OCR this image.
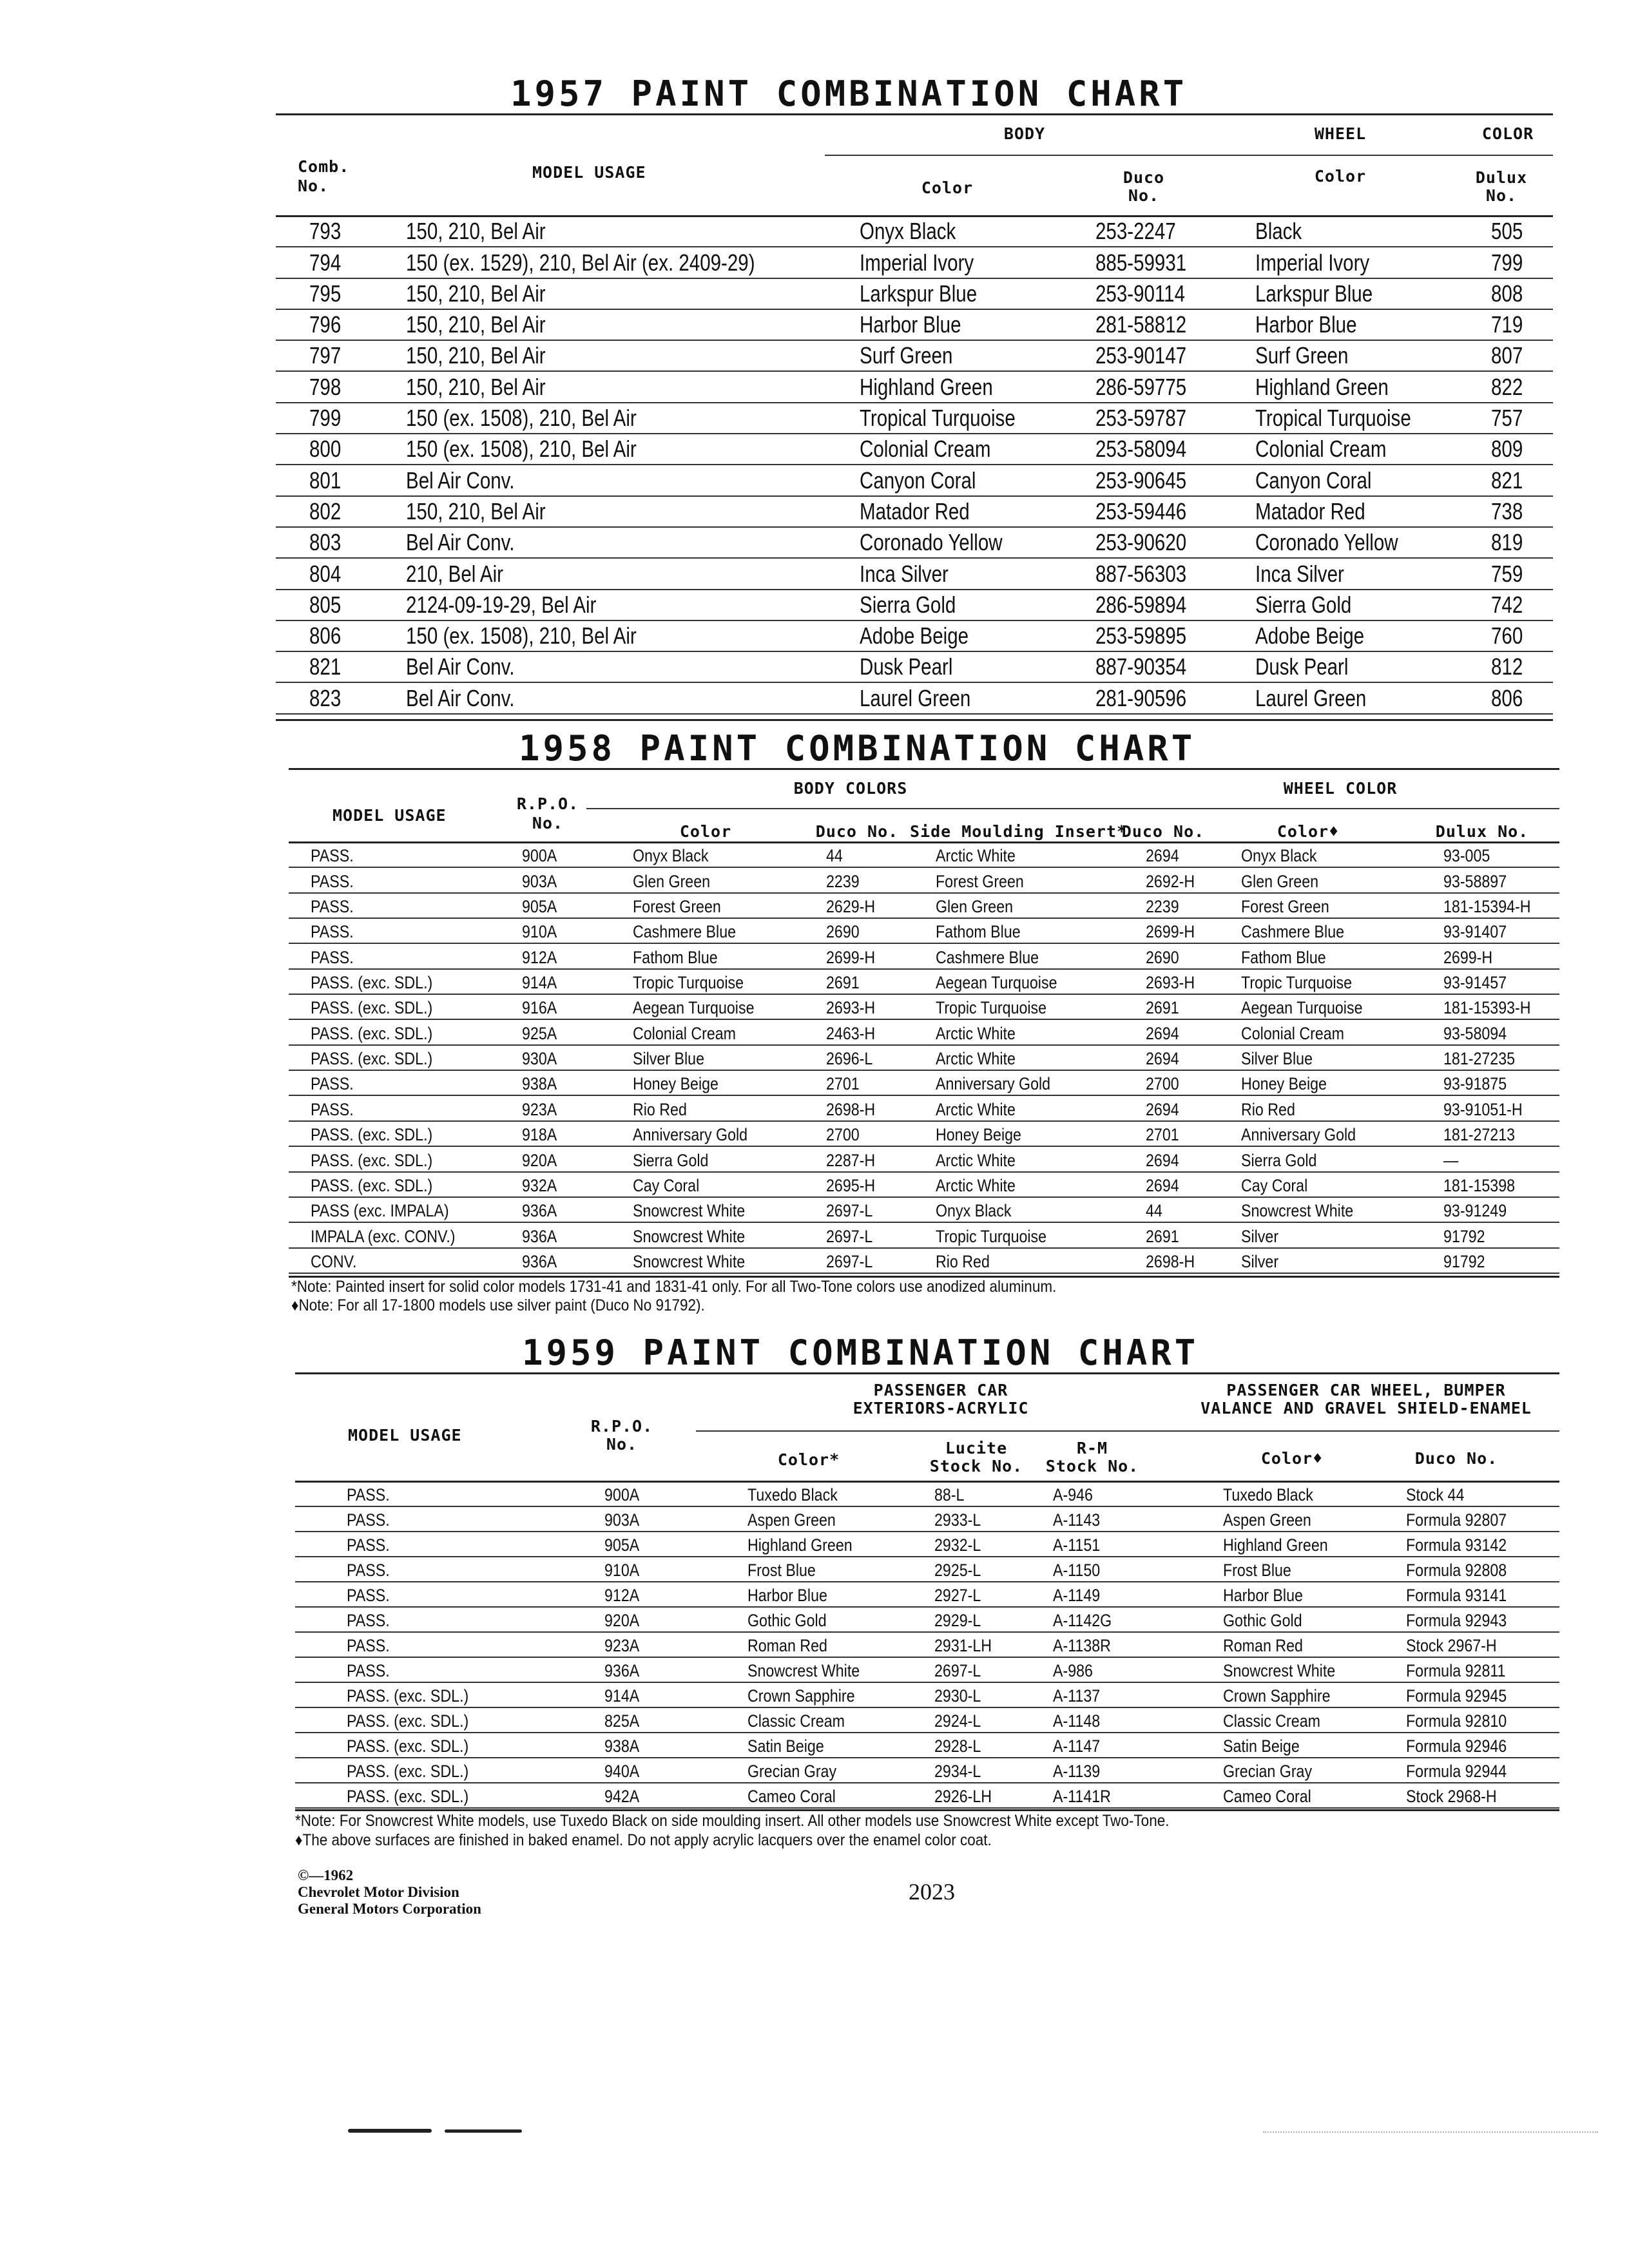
1957 PAINT COMBINATION CHART
BODY	WHEEL	COLOR
Comb.
No.
MODEL USAGE
Color
Duco
No.
Color	Dulux
No.
793	150, 210, Bel Air	Onyx Black	253-2247	Black	505
794	150 (ex. 1529), 210, Bel Air (ex. 2409-29)	Imperial Ivory	885-59931	Imperial Ivory	799
795	150, 210, Bel Air	Larkspur Blue	253-90114	Larkspur Blue	808
796	150, 210, Bel Air	Harbor Blue	281-58812	Harbor Blue	719
797	150, 210, Bel Air	Surf Green	253-90147	Surf Green	807
798	150, 210, Bel Air	Highland Green	286-59775	Highland Green	822
799	150 (ex. 1508), 210, Bel Air	Tropical Turquoise	253-59787	Tropical Turquoise	757
800	150 (ex. 1508), 210, Bel Air	Colonial Cream	253-58094	Colonial Cream	809
801	Bel Air Conv.	Canyon Coral	253-90645	Canyon Coral	821
802	150, 210, Bel Air	Matador Red	253-59446	Matador Red	738
803	Bel Air Conv.	Coronado Yellow	253-90620	Coronado Yellow	819
804	210, Bel Air	Inca Silver	887-56303	Inca Silver	759
805	2124-09-19-29, Bel Air	Sierra Gold	286-59894	Sierra Gold	742
806	150 (ex. 1508), 210, Bel Air	Adobe Beige	253-59895	Adobe Beige	760
821	Bel Air Conv.	Dusk Pearl	887-90354	Dusk Pearl	812
823	Bel Air Conv.	Laurel Green	281-90596	Laurel Green	806
1958 PAINT COMBINATION CHART
MODEL USAGE
R.P.O.
No.
BODY COLORS	WHEEL COLOR
Color	Duco No. Side Moulding Insert*
Duco No.	Color♦	Dulux No.
PASS.	900A	Onyx Black	44	Arctic White	2694	Onyx Black	93-005
PASS.	903A	Glen Green	2239	Forest Green	2692-H	Glen Green	93-58897
PASS.	905A	Forest Green	2629-H	Glen Green	2239	Forest Green	181-15394-H
PASS.	910A	Cashmere Blue	2690	Fathom Blue	2699-H	Cashmere Blue	93-91407
PASS.	912A	Fathom Blue	2699-H	Cashmere Blue	2690	Fathom Blue	2699-H
PASS. (exc. SDL.)	914A	Tropic Turquoise	2691	Aegean Turquoise	2693-H	Tropic Turquoise	93-91457
PASS. (exc. SDL.)	916A	Aegean Turquoise	2693-H	Tropic Turquoise	2691	Aegean Turquoise	181-15393-H
PASS. (exc. SDL.)	925A	Colonial Cream	2463-H	Arctic White	2694	Colonial Cream	93-58094
PASS. (exc. SDL.)	930A	Silver Blue	2696-L	Arctic White	2694	Silver Blue	181-27235
PASS.	938A	Honey Beige	2701	Anniversary Gold	2700	Honey Beige	93-91875
PASS.	923A	Rio Red	2698-H	Arctic White	2694	Rio Red	93-91051-H
PASS. (exc. SDL.)	918A	Anniversary Gold	2700	Honey Beige	2701	Anniversary Gold	181-27213
PASS. (exc. SDL.)	920A	Sierra Gold	2287-H	Arctic White	2694	Sierra Gold	—
PASS. (exc. SDL.)	932A	Cay Coral	2695-H	Arctic White	2694	Cay Coral	181-15398
PASS (exc. IMPALA)	936A	Snowcrest White	2697-L	Onyx Black	44	Snowcrest White	93-91249
IMPALA (exc. CONV.)	936A	Snowcrest White	2697-L	Tropic Turquoise	2691	Silver	91792
CONV.	936A	Snowcrest White	2697-L	Rio Red	2698-H	Silver	91792
*Note: Painted insert for solid color models 1731-41 and 1831-41 only. For all Two-Tone colors use anodized aluminum.
♦Note: For all 17-1800 models use silver paint (Duco No 91792).
1959 PAINT COMBINATION CHART
MODEL USAGE	R.P.O.
No.
PASSENGER CAR
EXTERIORS-ACRYLIC
PASSENGER CAR WHEEL, BUMPER
VALANCE AND GRAVEL SHIELD-ENAMEL
Color*
Lucite
Stock No.
R-M
Stock No.	Color♦	Duco No.
PASS.	900A	Tuxedo Black	88-L	A-946	Tuxedo Black	Stock 44
PASS.	903A	Aspen Green	2933-L	A-1143	Aspen Green	Formula 92807
PASS.	905A	Highland Green	2932-L	A-1151	Highland Green	Formula 93142
PASS.	910A	Frost Blue	2925-L	A-1150	Frost Blue	Formula 92808
PASS.	912A	Harbor Blue	2927-L	A-1149	Harbor Blue	Formula 93141
PASS.	920A	Gothic Gold	2929-L	A-1142G	Gothic Gold	Formula 92943
PASS.	923A	Roman Red	2931-LH	A-1138R	Roman Red	Stock 2967-H
PASS.	936A	Snowcrest White	2697-L	A-986	Snowcrest White	Formula 92811
PASS. (exc. SDL.)	914A	Crown Sapphire	2930-L	A-1137	Crown Sapphire	Formula 92945
PASS. (exc. SDL.)	825A	Classic Cream	2924-L	A-1148	Classic Cream	Formula 92810
PASS. (exc. SDL.)	938A	Satin Beige	2928-L	A-1147	Satin Beige	Formula 92946
PASS. (exc. SDL.)	940A	Grecian Gray	2934-L	A-1139	Grecian Gray	Formula 92944
PASS. (exc. SDL.)	942A	Cameo Coral	2926-LH	A-1141R	Cameo Coral	Stock 2968-H
*Note: For Snowcrest White models, use Tuxedo Black on side moulding insert. All other models use Snowcrest White except Two-Tone.
♦The above surfaces are finished in baked enamel. Do not apply acrylic lacquers over the enamel color coat.
©—1962
Chevrolet Motor Division
General Motors Corporation
2023
